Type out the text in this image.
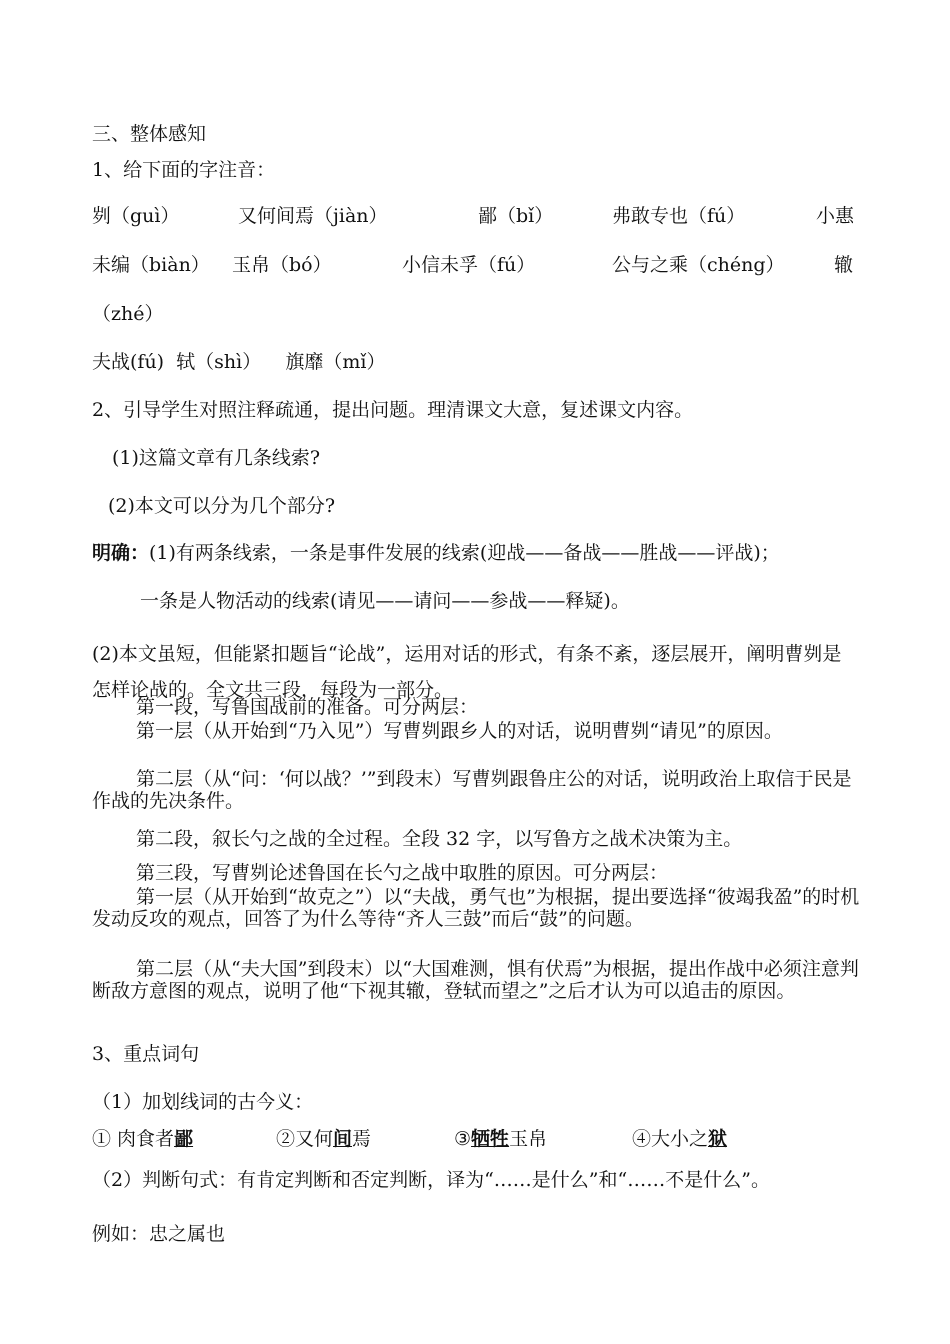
三、整体感知
1、给下面的字注音：
刿（guì）	又何间焉（jiàn）	鄙（bǐ）	弗敢专也（fú）	小惠
未编（biàn） 玉帛（bó）	小信未孚（fú）	公与之乘（chéng）	辙
（zhé）
夫战(fú)  轼（shì）    旗靡（mǐ）
2、引导学生对照注释疏通，提出问题。理清课文大意，复述课文内容。
(1)这篇文章有几条线索?
(2)本文可以分为几个部分?
明确：(1)有两条线索，一条是事件发展的线索(迎战——备战——胜战——评战)；
一条是人物活动的线索(请见——请问——参战——释疑)。
(2)本文虽短，但能紧扣题旨“论战”，运用对话的形式，有条不紊，逐层展开，阐明曹刿是怎样论战的。全文共三段，每段为一部分。
第一段，写鲁国战前的准备。可分两层：
第一层（从开始到“乃入见”）写曹刿跟乡人的对话，说明曹刿“请见”的原因。
第二层（从“问：‘何以战？’”到段末）写曹刿跟鲁庄公的对话，说明政治上取信于民是作战的先决条件。
第二段，叙长勺之战的全过程。全段 32 字，以写鲁方之战术决策为主。
第三段，写曹刿论述鲁国在长勺之战中取胜的原因。可分两层：
第一层（从开始到“故克之”）以“夫战，勇气也”为根据，提出要选择“彼竭我盈”的时机发动反攻的观点，回答了为什么等待“齐人三鼓”而后“鼓”的问题。
第二层（从“夫大国”到段末）以“大国难测，惧有伏焉”为根据，提出作战中必须注意判断敌方意图的观点，说明了他“下视其辙，登轼而望之”之后才认为可以追击的原因。
3、重点词句
（1）加划线词的古今义：
① 肉食者鄙	②又何间焉	③牺牲玉帛	④大小之狱
（2）判断句式：有肯定判断和否定判断，译为“……是什么”和“……不是什么”。
例如：忠之属也
